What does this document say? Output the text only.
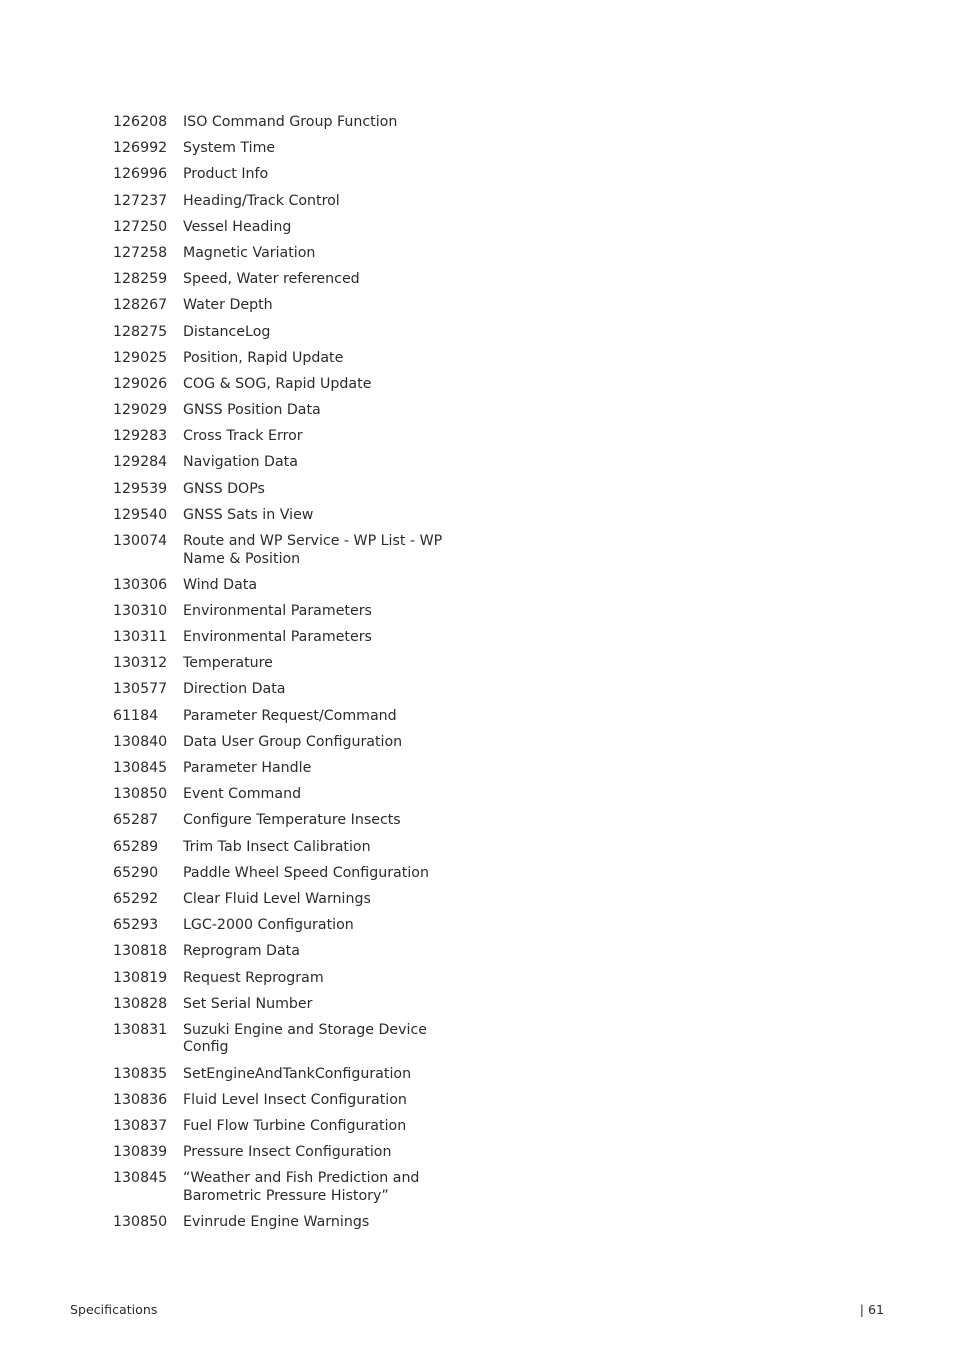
126208	ISO Command Group Function
126992	System Time
126996	Product Info
127237	Heading/Track Control
127250	Vessel Heading
127258	Magnetic Variation
128259	Speed, Water referenced
128267	Water Depth
128275	DistanceLog
129025	Position, Rapid Update
129026	COG & SOG, Rapid Update
129029	GNSS Position Data
129283	Cross Track Error
129284	Navigation Data
129539	GNSS DOPs
129540	GNSS Sats in View
130074	Route and WP Service - WP List - WP Name & Position
130306	Wind Data
130310	Environmental Parameters
130311	Environmental Parameters
130312	Temperature
130577	Direction Data
61184	Parameter Request/Command
130840	Data User Group Configuration
130845	Parameter Handle
130850	Event Command
65287	Configure Temperature Insects
65289	Trim Tab Insect Calibration
65290	Paddle Wheel Speed Configuration
65292	Clear Fluid Level Warnings
65293	LGC-2000 Configuration
130818	Reprogram Data
130819	Request Reprogram
130828	Set Serial Number
130831	Suzuki Engine and Storage Device Config
130835	SetEngineAndTankConfiguration
130836	Fluid Level Insect Configuration
130837	Fuel Flow Turbine Configuration
130839	Pressure Insect Configuration
130845	“Weather and Fish Prediction and Barometric Pressure History”
130850	Evinrude Engine Warnings
Specifications	| 61
